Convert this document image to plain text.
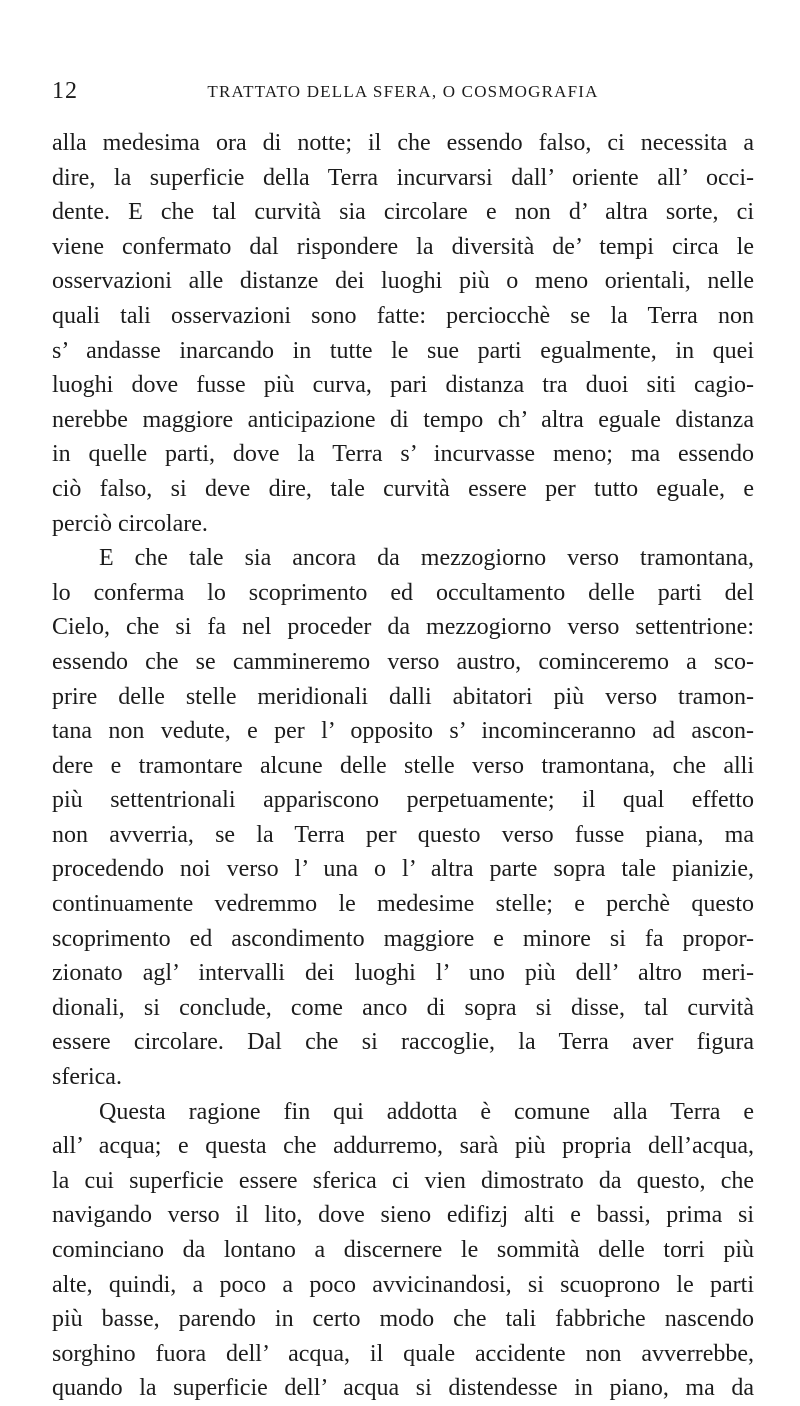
12	TRATTATO DELLA SFERA, O COSMOGRAFIA
alla medesima ora di notte; il che essendo falso, ci necessita a
dire, la superficie della Terra incurvarsi dall’ oriente all’ occi-
dente. E che tal curvità sia circolare e non d’ altra sorte, ci
viene confermato dal rispondere la diversità de’ tempi circa le
osservazioni alle distanze dei luoghi più o meno orientali, nelle
quali tali osservazioni sono fatte: perciocchè se la Terra non
s’ andasse inarcando in tutte le sue parti egualmente, in quei
luoghi dove fusse più curva, pari distanza tra duoi siti cagio-
nerebbe maggiore anticipazione di tempo ch’ altra eguale distanza
in quelle parti, dove la Terra s’ incurvasse meno; ma essendo
ciò falso, si deve dire, tale curvità essere per tutto eguale, e
perciò circolare.
E che tale sia ancora da mezzogiorno verso tramontana,
lo conferma lo scoprimento ed occultamento delle parti del
Cielo, che si fa nel proceder da mezzogiorno verso settentrione:
essendo che se cammineremo verso austro, cominceremo a sco-
prire delle stelle meridionali dalli abitatori più verso tramon-
tana non vedute, e per l’ opposito s’ incominceranno ad ascon-
dere e tramontare alcune delle stelle verso tramontana, che alli
più settentrionali appariscono perpetuamente; il qual effetto
non avverria, se la Terra per questo verso fusse piana, ma
procedendo noi verso l’ una o l’ altra parte sopra tale pianizie,
continuamente vedremmo le medesime stelle; e perchè questo
scoprimento ed ascondimento maggiore e minore si fa propor-
zionato agl’ intervalli dei luoghi l’ uno più dell’ altro meri-
dionali, si conclude, come anco di sopra si disse, tal curvità
essere circolare. Dal che si raccoglie, la Terra aver figura
sferica.
Questa ragione fin qui addotta è comune alla Terra e
all’ acqua; e questa che addurremo, sarà più propria dell’acqua,
la cui superficie essere sferica ci vien dimostrato da questo, che
navigando verso il lito, dove sieno edifizj alti e bassi, prima si
cominciano da lontano a discernere le sommità delle torri più
alte, quindi, a poco a poco avvicinandosi, si scuoprono le parti
più basse, parendo in certo modo che tali fabbriche nascendo
sorghino fuora dell’ acqua, il quale accidente non avverrebbe,
quando la superficie dell’ acqua si distendesse in piano, ma da
